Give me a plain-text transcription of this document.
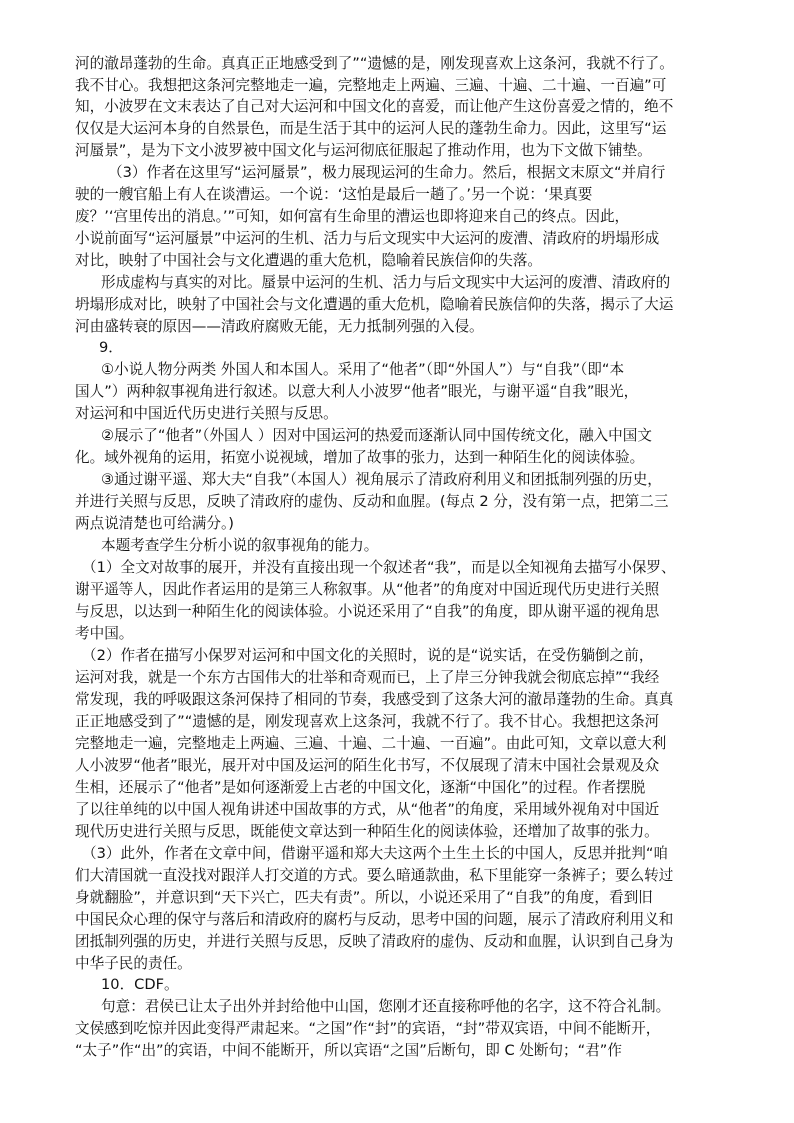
河的澈昂蓬勃的生命。真真正正地感受到了”“遗憾的是，刚发现喜欢上这条河，我就不行了。
我不甘心。我想把这条河完整地走一遍，完整地走上两遍、三遍、十遍、二十遍、一百遍”可
知，小波罗在文末表达了自己对大运河和中国文化的喜爱，而让他产生这份喜爱之情的，绝不
仅仅是大运河本身的自然景色，而是生活于其中的运河人民的蓬勃生命力。因此，这里写“运
河蜃景”，是为下文小波罗被中国文化与运河彻底征服起了推动作用，也为下文做下铺垫。
（3）作者在这里写“运河蜃景”，极力展现运河的生命力。然后，根据文末原文“并肩行
驶的一艘官船上有人在谈漕运。一个说：‘这怕是最后一趟了。’另一个说：‘果真要
废？’‘宫里传出的消息。’”可知，如何富有生命里的漕运也即将迎来自己的终点。因此，
小说前面写“运河蜃景”中运河的生机、活力与后文现实中大运河的废漕、清政府的坍塌形成
对比，映射了中国社会与文化遭遇的重大危机，隐喻着民族信仰的失落。
形成虚构与真实的对比。蜃景中运河的生机、活力与后文现实中大运河的废漕、清政府的
坍塌形成对比，映射了中国社会与文化遭遇的重大危机，隐喻着民族信仰的失落，揭示了大运
河由盛转衰的原因——清政府腐败无能，无力抵制列强的入侵。
9．
①小说人物分两类 外国人和本国人。采用了“他者”（即“外国人”）与“自我”（即“本
国人”）两种叙事视角进行叙述。以意大利人小波罗“他者”眼光，与谢平遥“自我”眼光，
对运河和中国近代历史进行关照与反思。
②展示了“他者”（外国人 ）因对中国运河的热爱而逐渐认同中国传统文化，融入中国文
化。域外视角的运用，拓宽小说视域，增加了故事的张力，达到一种陌生化的阅读体验。
③通过谢平遥、郑大夫“自我”（本国人）视角展示了清政府利用义和团抵制列强的历史，
并进行关照与反思，反映了清政府的虚伪、反动和血腥。(每点 2 分，没有第一点，把第二三
两点说清楚也可给满分。)
本题考查学生分析小说的叙事视角的能力。
（1）全文对故事的展开，并没有直接出现一个叙述者“我”，而是以全知视角去描写小保罗、
谢平遥等人，因此作者运用的是第三人称叙事。从“他者”的角度对中国近现代历史进行关照
与反思，以达到一种陌生化的阅读体验。小说还采用了“自我”的角度，即从谢平遥的视角思
考中国。
（2）作者在描写小保罗对运河和中国文化的关照时，说的是“说实话，在受伤躺倒之前，
运河对我，就是一个东方古国伟大的壮举和奇观而已，上了岸三分钟我就会彻底忘掉”“我经
常发现，我的呼吸跟这条河保持了相同的节奏，我感受到了这条大河的澈昂蓬勃的生命。真真
正正地感受到了”“遗憾的是，刚发现喜欢上这条河，我就不行了。我不甘心。我想把这条河
完整地走一遍，完整地走上两遍、三遍、十遍、二十遍、一百遍”。由此可知，文章以意大利
人小波罗“他者”眼光，展开对中国及运河的陌生化书写，不仅展现了清末中国社会景观及众
生相，还展示了“他者”是如何逐渐爱上古老的中国文化，逐渐“中国化”的过程。作者摆脱
了以往单纯的以中国人视角讲述中国故事的方式，从“他者”的角度，采用域外视角对中国近
现代历史进行关照与反思，既能使文章达到一种陌生化的阅读体验，还增加了故事的张力。
（3）此外，作者在文章中间，借谢平遥和郑大夫这两个土生土长的中国人，反思并批判“咱
们大清国就一直没找对跟洋人打交道的方式。要么暗通款曲，私下里能穿一条裤子；要么转过
身就翻脸”，并意识到“天下兴亡，匹夫有责”。所以，小说还采用了“自我”的角度，看到旧
中国民众心理的保守与落后和清政府的腐朽与反动，思考中国的问题，展示了清政府利用义和
团抵制列强的历史，并进行关照与反思，反映了清政府的虚伪、反动和血腥，认识到自己身为
中华子民的责任。
10．CDF。
句意：君侯已让太子出外并封给他中山国，您刚才还直接称呼他的名字，这不符合礼制。
文侯感到吃惊并因此变得严肃起来。“之国”作“封”的宾语，“封”带双宾语，中间不能断开，
“太子”作“出”的宾语，中间不能断开，所以宾语“之国”后断句，即 C 处断句；“君”作
